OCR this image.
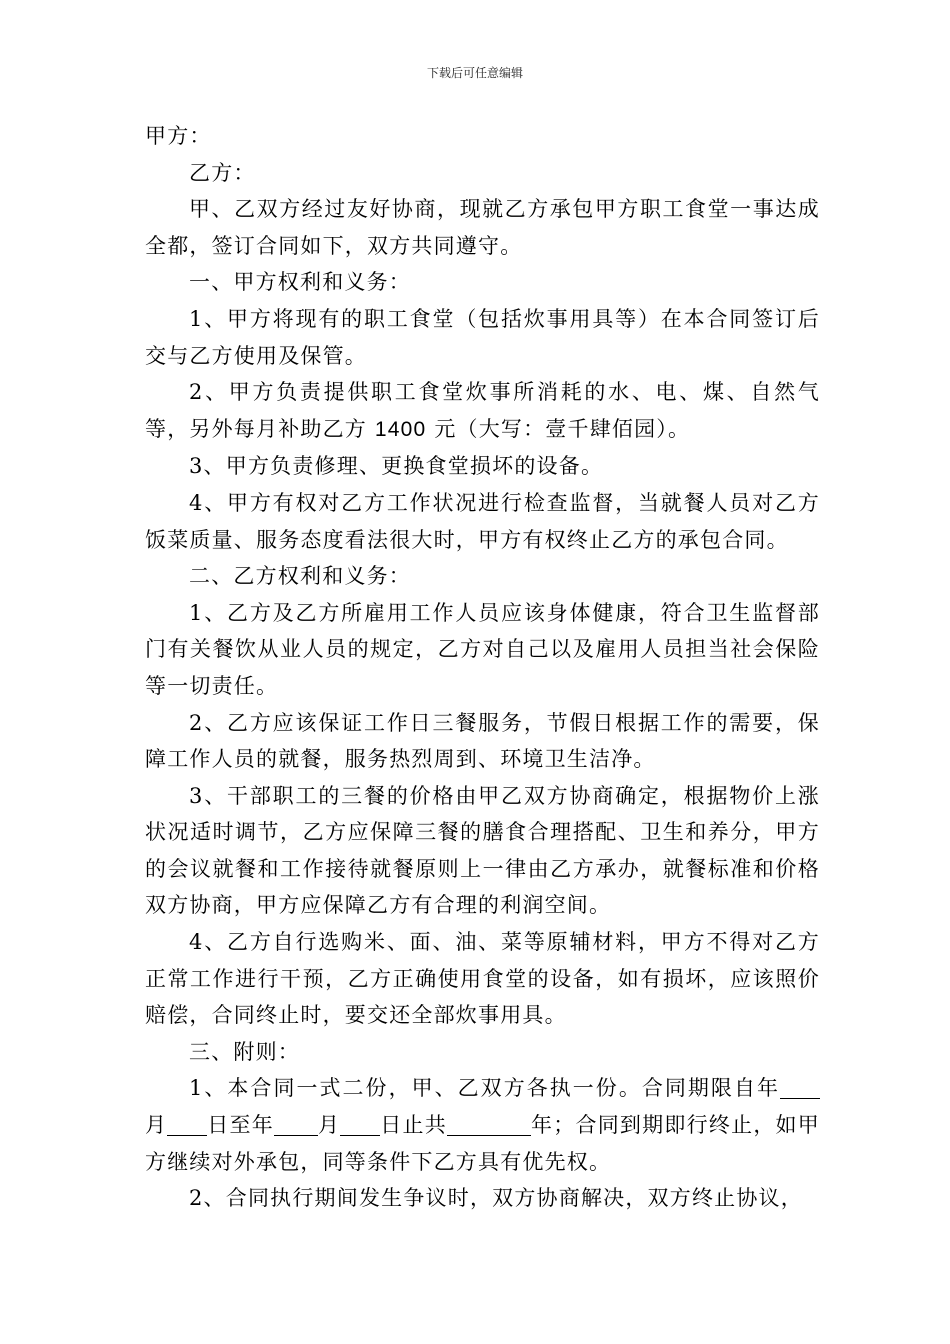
下载后可任意编辑

甲方：

乙方：

甲、乙双方经过友好协商，现就乙方承包甲方职工食堂一事达成全都，签订合同如下，双方共同遵守。

一、甲方权利和义务：

1、甲方将现有的职工食堂（包括炊事用具等）在本合同签订后交与乙方使用及保管。

2、甲方负责提供职工食堂炊事所消耗的水、电、煤、自然气等，另外每月补助乙方 1400 元（大写：壹千肆佰园）。

3、甲方负责修理、更换食堂损坏的设备。

4、甲方有权对乙方工作状况进行检查监督，当就餐人员对乙方饭菜质量、服务态度看法很大时，甲方有权终止乙方的承包合同。

二、乙方权利和义务：

1、乙方及乙方所雇用工作人员应该身体健康，符合卫生监督部门有关餐饮从业人员的规定，乙方对自己以及雇用人员担当社会保险等一切责任。

2、乙方应该保证工作日三餐服务，节假日根据工作的需要，保障工作人员的就餐，服务热烈周到、环境卫生洁净。

3、干部职工的三餐的价格由甲乙双方协商确定，根据物价上涨状况适时调节，乙方应保障三餐的膳食合理搭配、卫生和养分，甲方的会议就餐和工作接待就餐原则上一律由乙方承办，就餐标准和价格双方协商，甲方应保障乙方有合理的利润空间。

4、乙方自行选购米、面、油、菜等原辅材料，甲方不得对乙方正常工作进行干预，乙方正确使用食堂的设备，如有损坏，应该照价赔偿，合同终止时，要交还全部炊事用具。

三、附则：

1、本合同一式二份，甲、乙双方各执一份。合同期限自年月 日至年 月 日止共	年；合同到期即行终止，如甲方继续对外承包，同等条件下乙方具有优先权。

2、合同执行期间发生争议时，双方协商解决，双方终止协议，
